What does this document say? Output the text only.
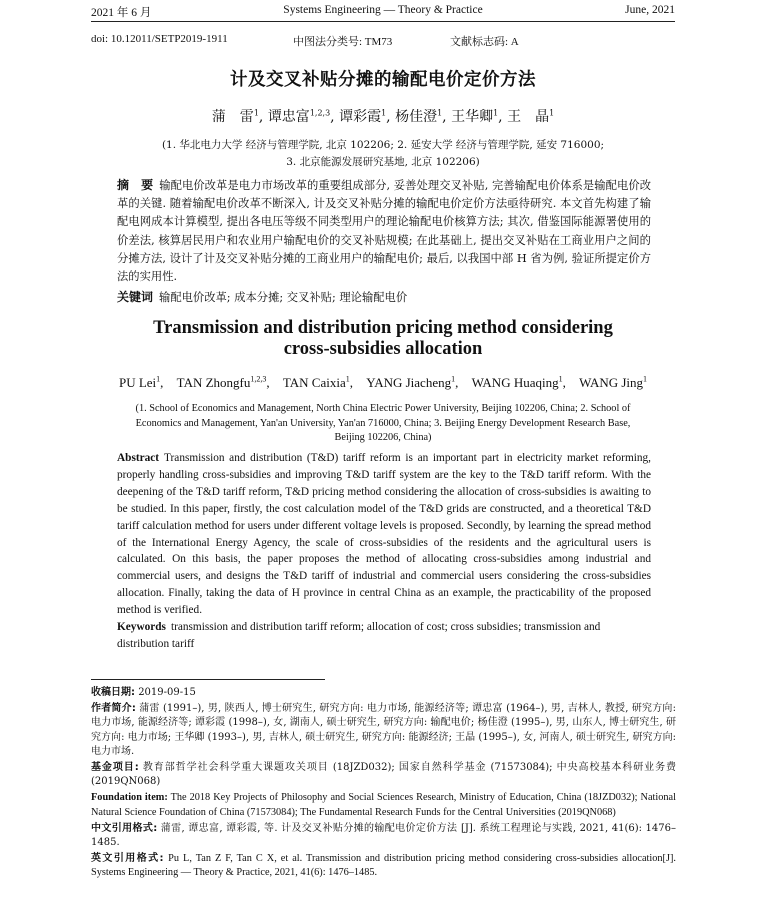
2021 年 6 月	Systems Engineering — Theory & Practice	June, 2021
doi: 10.12011/SETP2019-1911	中图法分类号: TM73	文献标志码: A
计及交叉补贴分摊的输配电价定价方法
蒲　雷$^1$, 谭忠富$^{1,2,3}$, 谭彩霞$^1$, 杨佳澄$^1$, 王华卿$^1$, 王　晶$^1$
(1. 华北电力大学 经济与管理学院, 北京 102206; 2. 延安大学 经济与管理学院, 延安 716000;
3. 北京能源发展研究基地, 北京 102206)
摘　要 输配电价改革是电力市场改革的重要组成部分, 妥善处理交叉补贴, 完善输配电价体系是输配电价改革的关键. 随着输配电价改革不断深入, 计及交叉补贴分摊的输配电价定价方法亟待研究. 本文首先构建了输配电网成本计算模型, 提出各电压等级不同类型用户的理论输配电价核算方法; 其次, 借鉴国际能源署使用的价差法, 核算居民用户和农业用户输配电价的交叉补贴规模; 在此基础上, 提出交叉补贴在工商业用户之间的分摊方法, 设计了计及交叉补贴分摊的工商业用户的输配电价; 最后, 以我国中部 H 省为例, 验证所提定价方法的实用性.
关键词 输配电价改革; 成本分摊; 交叉补贴; 理论输配电价
Transmission and distribution pricing method considering
cross-subsidies allocation
PU Lei$^1$, TAN Zhongfu$^{1,2,3}$, TAN Caixia$^1$, YANG Jiacheng$^1$, WANG Huaqing$^1$, WANG Jing$^1$
(1. School of Economics and Management, North China Electric Power University, Beijing 102206, China; 2. School of
Economics and Management, Yan'an University, Yan'an 716000, China; 3. Beijing Energy Development Research Base,
Beijing 102206, China)
Abstract Transmission and distribution (T&D) tariff reform is an important part in electricity market reforming, properly handling cross-subsidies and improving T&D tariff system are the key to the T&D tariff reform. With the deepening of the T&D tariff reform, T&D pricing method considering the allocation of cross-subsidies is awaiting to be studied. In this paper, firstly, the cost calculation model of the T&D grids are constructed, and a theoretical T&D tariff calculation method for users under different voltage levels is proposed. Secondly, by learning the spread method of the International Energy Agency, the scale of cross-subsidies of the residents and the agricultural users is calculated. On this basis, the paper proposes the method of allocating cross-subsidies among industrial and commercial users, and designs the T&D tariff of industrial and commercial users considering the cross-subsidies allocation. Finally, taking the data of H province in central China as an example, the practicability of the proposed method is verified.
Keywords transmission and distribution tariff reform; allocation of cost; cross subsidies; transmission and distribution tariff
收稿日期: 2019-09-15
作者简介: 蒲雷 (1991–), 男, 陕西人, 博士研究生, 研究方向: 电力市场, 能源经济等; 谭忠富 (1964–), 男, 吉林人, 教授, 研究方向: 电力市场, 能源经济等; 谭彩霞 (1998–), 女, 湖南人, 硕士研究生, 研究方向: 输配电价; 杨佳澄 (1995–), 男, 山东人, 博士研究生, 研究方向: 电力市场; 王华卿 (1993–), 男, 吉林人, 硕士研究生, 研究方向: 能源经济; 王晶 (1995–), 女, 河南人, 硕士研究生, 研究方向: 电力市场.
基金项目: 教育部哲学社会科学重大课题攻关项目 (18JZD032); 国家自然科学基金 (71573084); 中央高校基本科研业务费 (2019QN068)
Foundation item: The 2018 Key Projects of Philosophy and Social Sciences Research, Ministry of Education, China (18JZD032); National Natural Science Foundation of China (71573084); The Fundamental Research Funds for the Central Universities (2019QN068)
中文引用格式: 蒲雷, 谭忠富, 谭彩霞, 等. 计及交叉补贴分摊的输配电价定价方法 [J]. 系统工程理论与实践, 2021, 41(6): 1476–1485.
英文引用格式: Pu L, Tan Z F, Tan C X, et al. Transmission and distribution pricing method considering cross-subsidies allocation[J]. Systems Engineering — Theory & Practice, 2021, 41(6): 1476–1485.
